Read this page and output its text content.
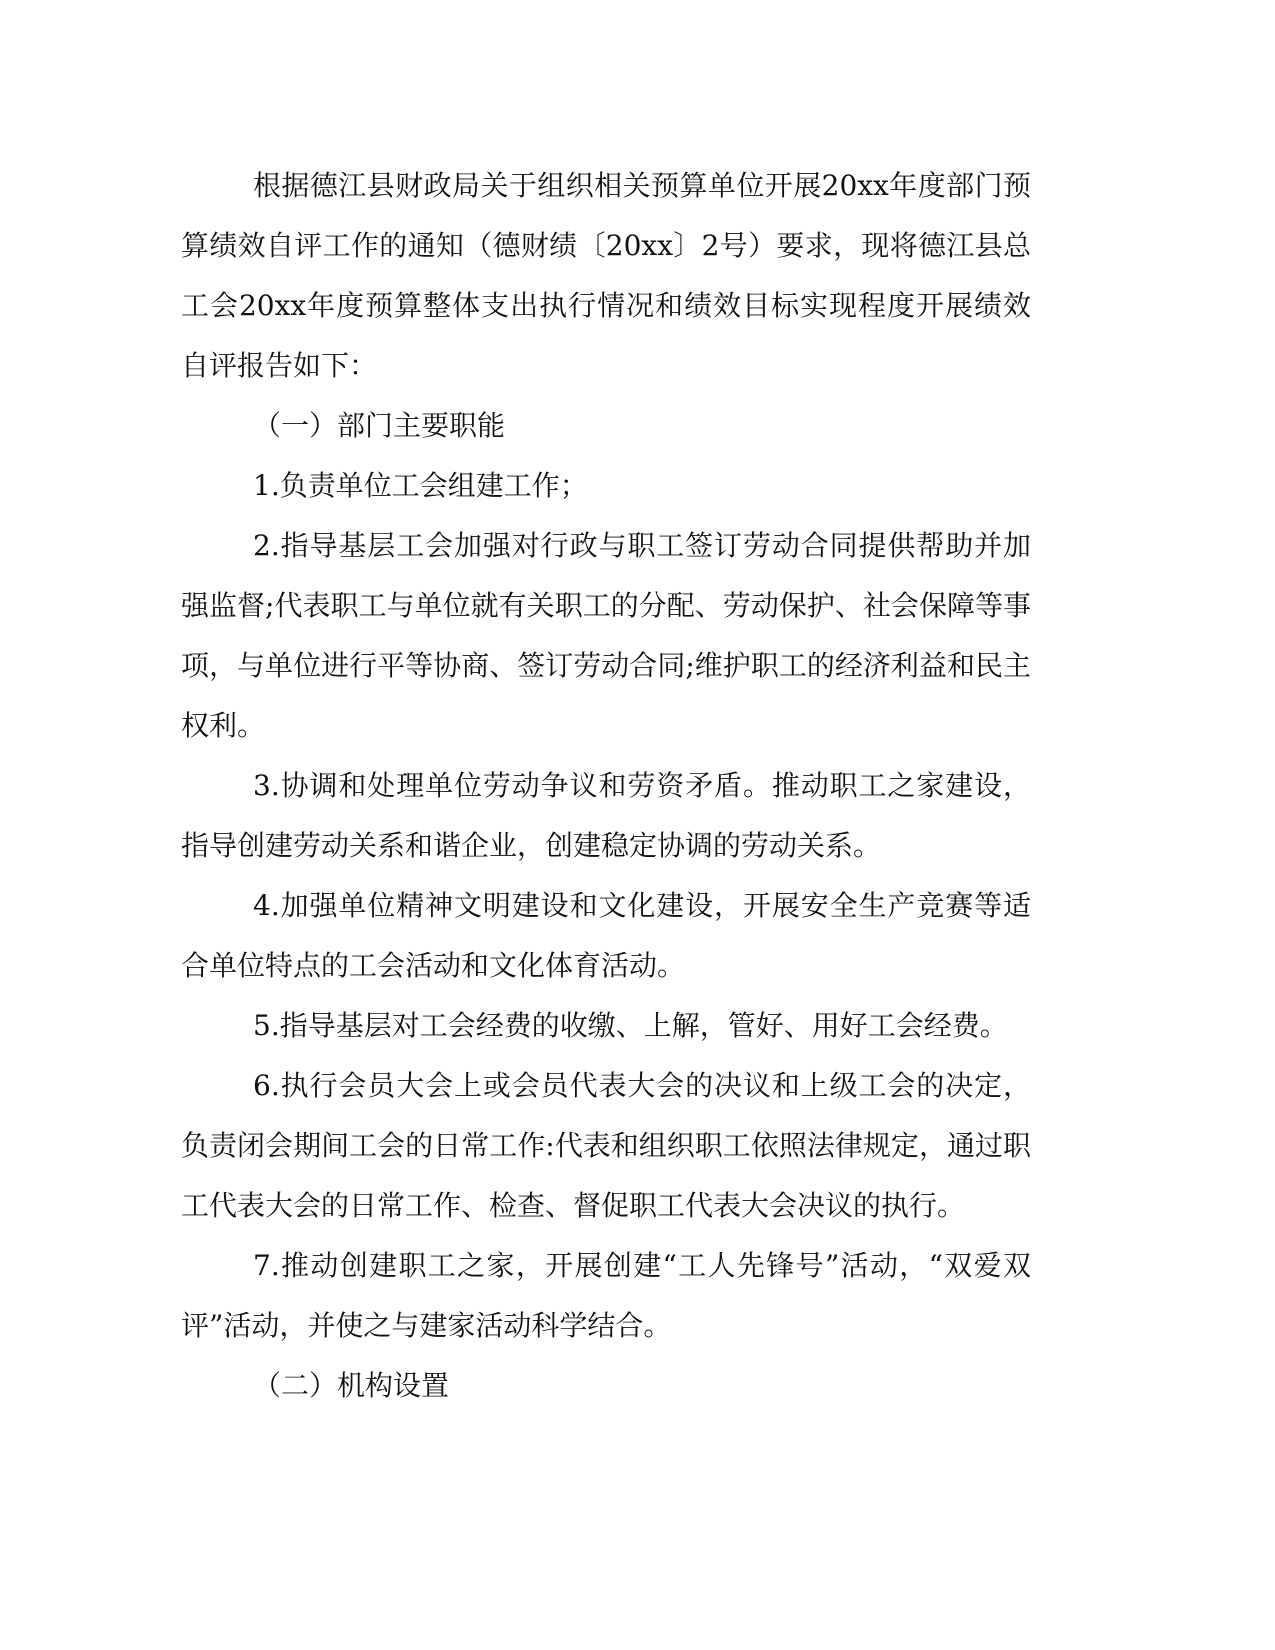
根据德江县财政局关于组织相关预算单位开展20xx年度部门预算绩效自评工作的通知（德财绩〔20xx〕2号）要求，现将德江县总工会20xx年度预算整体支出执行情况和绩效目标实现程度开展绩效自评报告如下：

（一）部门主要职能

1.负责单位工会组建工作；

2.指导基层工会加强对行政与职工签订劳动合同提供帮助并加强监督;代表职工与单位就有关职工的分配、劳动保护、社会保障等事项，与单位进行平等协商、签订劳动合同;维护职工的经济利益和民主权利。

3.协调和处理单位劳动争议和劳资矛盾。推动职工之家建设，指导创建劳动关系和谐企业，创建稳定协调的劳动关系。

4.加强单位精神文明建设和文化建设，开展安全生产竞赛等适合单位特点的工会活动和文化体育活动。

5.指导基层对工会经费的收缴、上解，管好、用好工会经费。

6.执行会员大会上或会员代表大会的决议和上级工会的决定，负责闭会期间工会的日常工作:代表和组织职工依照法律规定，通过职工代表大会的日常工作、检查、督促职工代表大会决议的执行。

7.推动创建职工之家，开展创建“工人先锋号”活动，“双爱双评”活动，并使之与建家活动科学结合。

（二）机构设置
